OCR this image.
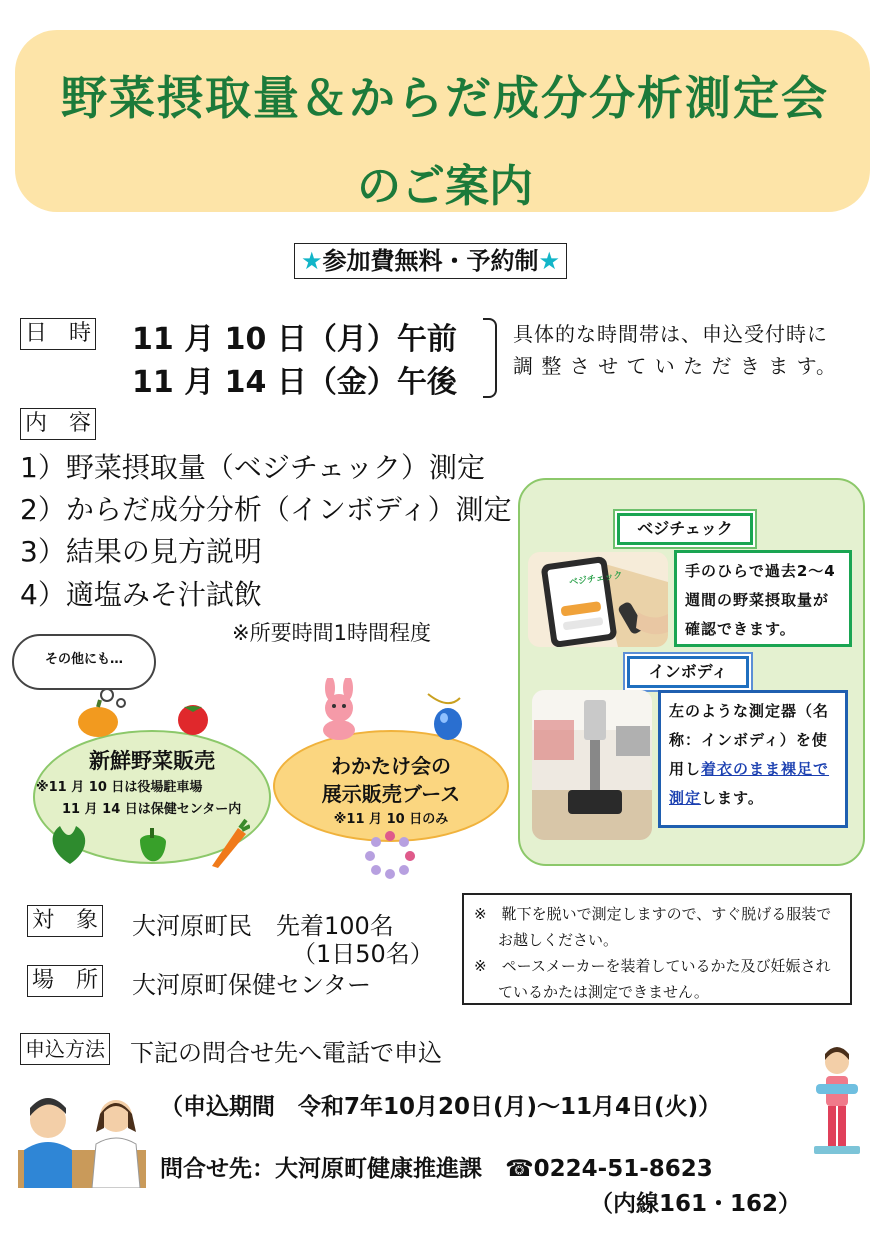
野菜摂取量＆からだ成分分析測定会
のご案内
★参加費無料・予約制★
日　時 11 月 10 日（月）午前
11 月 14 日（金）午後
具体的な時間帯は、申込受付時に 調 整 さ せ て い た だ き ま す。
内　容
1）野菜摂取量（ベジチェック）測定
2）からだ成分分析（インボディ）測定
3）結果の見方説明
4）適塩みそ汁試飲
※所要時間1時間程度
ベジチェック
ベジチェック	手のひらで過去2～4週間の野菜摂取量が確認できます。
インボディ
左のような測定器（名称：インボディ）を使用し着衣のまま裸足で測定します。
その他にも…
新鮮野菜販売
※11 月 10 日は役場駐車場
11 月 14 日は保健センター内
わかたけ会の
展示販売ブース
※11 月 10 日のみ
対　象 大河原町民　先着100名
（1日50名）
場　所 大河原町保健センター

※　靴下を脱いで測定しますので、すぐ脱げる服装でお越しください。

※　ペースメーカーを装着しているかた及び妊娠されているかたは測定できません。

申込方法 下記の問合せ先へ電話で申込
（申込期間　令和7年10月20日(月)～11月4日(火)）
問合せ先：大河原町健康推進課　☎0224-51-8623
（内線161・162）
